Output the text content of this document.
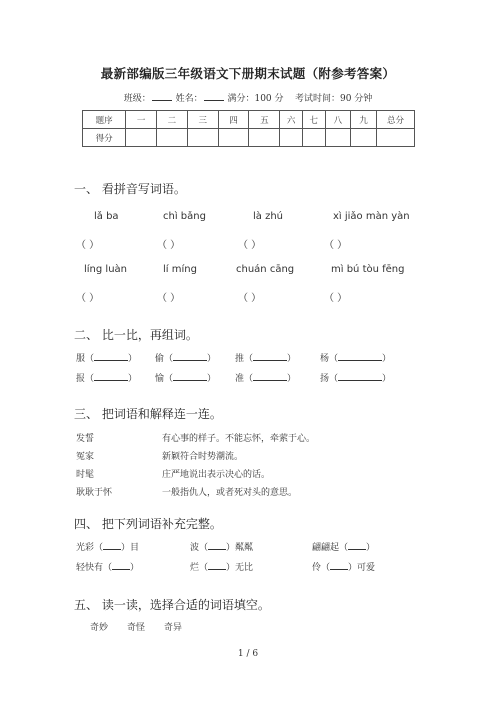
最新部编版三年级语文下册期末试题（附参考答案）
班级：	姓名：	满分：100 分 考试时间：90 分钟
题序	一	二	三	四	五	六	七	八	九	总分
得分										
一、 看拼音写词语。
lǎ ba	chì bǎng	là zhú	xì jiǎo màn yàn
（ ）	（ ）	（ ）	（ ）
líng luàn	lí míng	chuán cāng	mì bú tòu fēng
（ ）	（ ）	（ ）	（ ）
二、 比一比，再组词。
服（	） 偷（	） 推（	）	杨（	）
报（	） 愉（	） 准（	）	扬（	）
三、 把词语和解释连一连。
发誓	有心事的样子。不能忘怀，牵萦于心。
冤家	新颖符合时势潮流。
时髦	庄严地说出表示决心的话。
耿耿于怀	一般指仇人，或者死对头的意思。
四、 把下列词语补充完整。
光彩（ ）目	波（ ）粼粼	翩翩起（ ）
轻快有（ ）	烂（ ）无比	伶（ ）可爱
五、 读一读，选择合适的词语填空。
奇妙 奇怪 奇异
1 / 6
